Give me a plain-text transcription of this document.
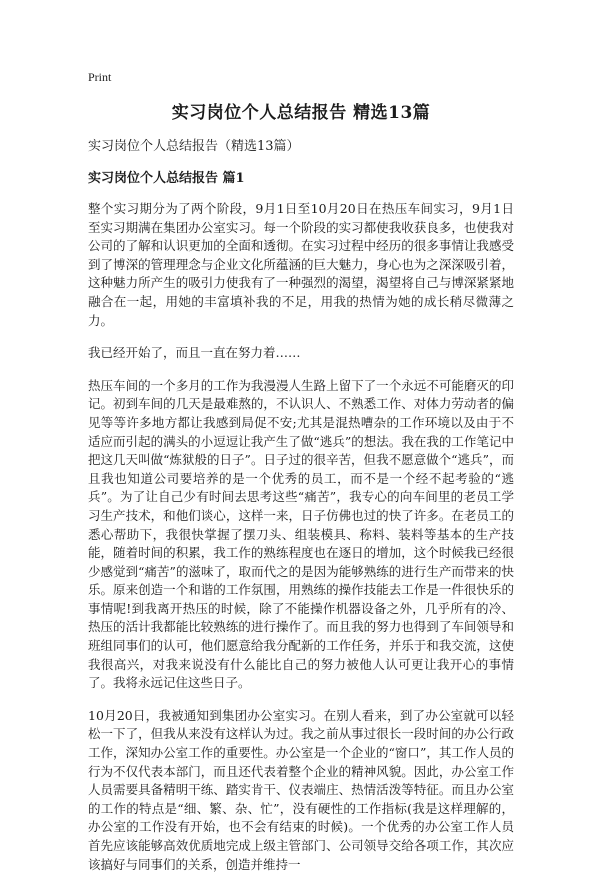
Print
实习岗位个人总结报告 精选13篇
实习岗位个人总结报告（精选13篇）
实习岗位个人总结报告 篇1

整个实习期分为了两个阶段，9月1日至10月20日在热压车间实习，9月1日至实习期满在集团办公室实习。每一个阶段的实习都使我收获良多，也使我对公司的了解和认识更加的全面和透彻。在实习过程中经历的很多事情让我感受到了博深的管理理念与企业文化所蕴涵的巨大魅力，身心也为之深深吸引着，这种魅力所产生的吸引力使我有了一种强烈的渴望，渴望将自己与博深紧紧地融合在一起，用她的丰富填补我的不足，用我的热情为她的成长稍尽微薄之力。

我已经开始了，而且一直在努力着……

热压车间的一个多月的工作为我漫漫人生路上留下了一个永远不可能磨灭的印记。初到车间的几天是最难熬的，不认识人、不熟悉工作、对体力劳动者的偏见等等许多地方都让我感到局促不安;尤其是混热嘈杂的工作环境以及由于不适应而引起的满头的小逗逗让我产生了做“逃兵”的想法。我在我的工作笔记中把这几天叫做“炼狱般的日子”。日子过的很辛苦，但我不愿意做个“逃兵”，而且我也知道公司要培养的是一个优秀的员工，而不是一个经不起考验的“逃兵”。为了让自己少有时间去思考这些“痛苦”，我专心的向车间里的老员工学习生产技术，和他们谈心，这样一来，日子仿佛也过的快了许多。在老员工的悉心帮助下，我很快掌握了摆刀头、组装模具、称料、装料等基本的生产技能，随着时间的积累，我工作的熟练程度也在逐日的增加，这个时候我已经很少感觉到“痛苦”的滋味了，取而代之的是因为能够熟练的进行生产而带来的快乐。原来创造一个和谐的工作氛围，用熟练的操作技能去工作是一件很快乐的事情呢!到我离开热压的时候，除了不能操作机器设备之外，几乎所有的冷、热压的活计我都能比较熟练的进行操作了。而且我的努力也得到了车间领导和班组同事们的认可，他们愿意给我分配新的工作任务，并乐于和我交流，这使我很高兴，对我来说没有什么能比自己的努力被他人认可更让我开心的事情了。我将永远记住这些日子。

10月20日，我被通知到集团办公室实习。在别人看来，到了办公室就可以轻松一下了，但我从来没有这样认为过。我之前从事过很长一段时间的办公行政工作，深知办公室工作的重要性。办公室是一个企业的“窗口”，其工作人员的行为不仅代表本部门，而且还代表着整个企业的精神风貌。因此，办公室工作人员需要具备精明干练、踏实肯干、仪表端庄、热情活泼等特征。而且办公室的工作的特点是“细、繁、杂、忙”，没有硬性的工作指标(我是这样理解的，办公室的工作没有开始，也不会有结束的时候)。一个优秀的办公室工作人员首先应该能够高效优质地完成上级主管部门、公司领导交给各项工作，其次应该搞好与同事们的关系，创造并维持一
